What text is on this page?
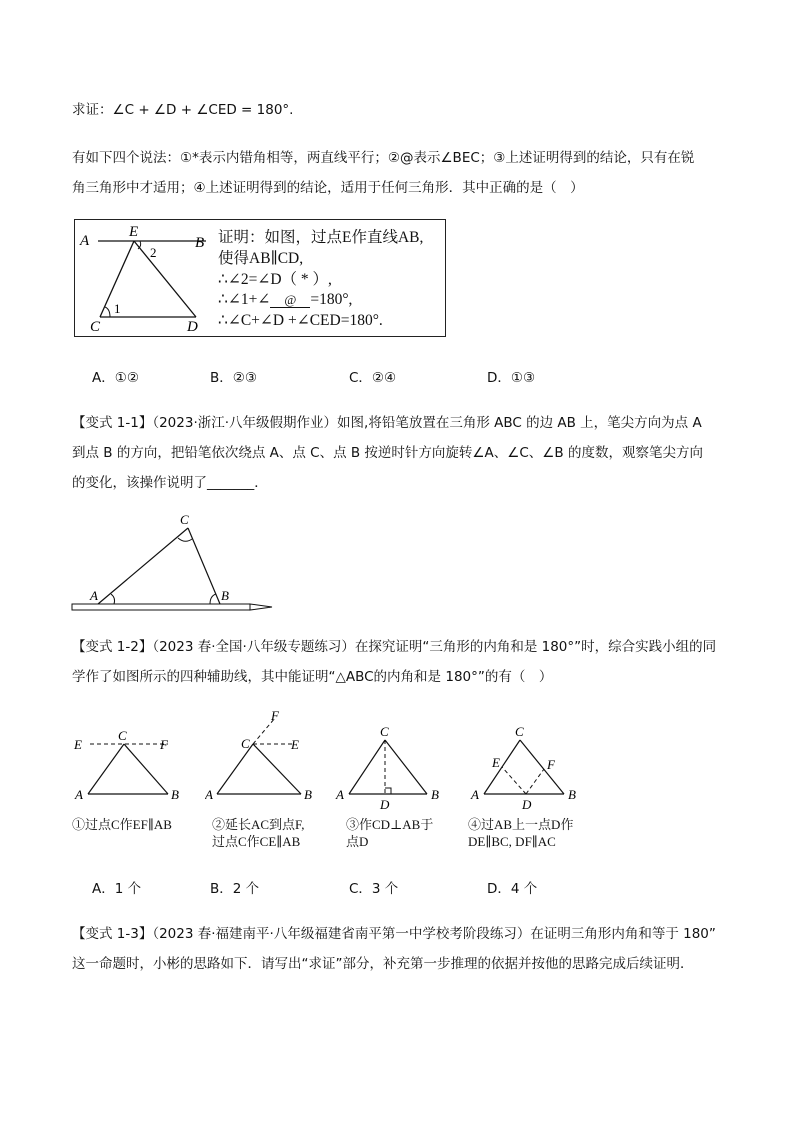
求证：∠C + ∠D + ∠CED = 180°.
有如下四个说法：①*表示内错角相等，两直线平行；②@表示∠BEC；③上述证明得到的结论，只有在锐
角三角形中才适用；④上述证明得到的结论，适用于任何三角形．其中正确的是（　）
A
E
B
C	D
1
2
证明：如图，过点E作直线AB,
使得AB∥CD,
∴∠2=∠D（ * ）,
∴∠1+∠ @ =180°,
∴∠C+∠D +∠CED=180°.
A．①②	B．②③	C．②④	D．①③
【变式 1-1】（2023·浙江·八年级假期作业）如图,将铅笔放置在三角形 ABC 的边 AB 上，笔尖方向为点 A
到点 B 的方向，把铅笔依次绕点 A、点 C、点 B 按逆时针方向旋转∠A、∠C、∠B 的度数，观察笔尖方向
的变化，该操作说明了_______．
A	B
C
【变式 1-2】（2023 春·全国·八年级专题练习）在探究证明“三角形的内角和是 180°”时，综合实践小组的同
学作了如图所示的四种辅助线，其中能证明“△ABC的内角和是 180°”的有（　）
E
C
F
A	B
①过点C作EF∥AB
F
C	E
A	B
②延长AC到点F,
过点C作CE∥AB
C
A	B
D
③作CD⊥AB于
点D
C
E	F
A	B
D
④过AB上一点D作
DE∥BC, DF∥AC
A．1 个	B．2 个	C．3 个	D．4 个
【变式 1-3】（2023 春·福建南平·八年级福建省南平第一中学校考阶段练习）在证明三角形内角和等于 180”
这一命题时，小彬的思路如下．请写出“求证”部分，补充第一步推理的依据并按他的思路完成后续证明．
